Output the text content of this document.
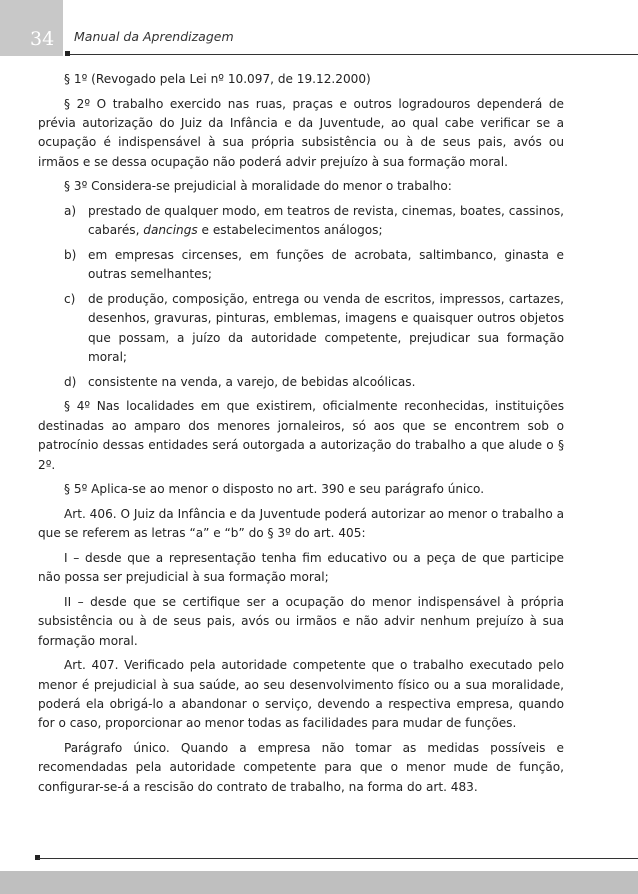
34	Manual da Aprendizagem

§ 1º (Revogado pela Lei nº 10.097, de 19.12.2000)

§ 2º O trabalho exercido nas ruas, praças e outros logradouros dependerá de prévia autorização do Juiz da Infância e da Juventude, ao qual cabe verificar se a ocupação é indispensável à sua própria subsistência ou à de seus pais, avós ou irmãos e se dessa ocupação não poderá advir prejuízo à sua formação moral.

§ 3º Considera-se prejudicial à moralidade do menor o trabalho:

a) prestado de qualquer modo, em teatros de revista, cinemas, boates, cassinos, cabarés, dancings e estabelecimentos análogos;
b) em empresas circenses, em funções de acrobata, saltimbanco, ginasta e outras semelhantes;
c) de produção, composição, entrega ou venda de escritos, impressos, cartazes, desenhos, gravuras, pinturas, emblemas, imagens e quaisquer outros objetos que possam, a juízo da autoridade competente, prejudicar sua formação moral;
d) consistente na venda, a varejo, de bebidas alcoólicas.

§ 4º Nas localidades em que existirem, oficialmente reconhecidas, instituições destinadas ao amparo dos menores jornaleiros, só aos que se encontrem sob o patrocínio dessas entidades será outorgada a autorização do trabalho a que alude o § 2º.

§ 5º Aplica-se ao menor o disposto no art. 390 e seu parágrafo único.

Art. 406. O Juiz da Infância e da Juventude poderá autorizar ao menor o trabalho a que se referem as letras “a” e “b” do § 3º do art. 405:

I – desde que a representação tenha fim educativo ou a peça de que participe não possa ser prejudicial à sua formação moral;

II – desde que se certifique ser a ocupação do menor indispensável à própria subsistência ou à de seus pais, avós ou irmãos e não advir nenhum prejuízo à sua formação moral.

Art. 407. Verificado pela autoridade competente que o trabalho executado pelo menor é prejudicial à sua saúde, ao seu desenvolvimento físico ou a sua moralidade, poderá ela obrigá-lo a abandonar o serviço, devendo a respectiva empresa, quando for o caso, proporcionar ao menor todas as facilidades para mudar de funções.

Parágrafo único. Quando a empresa não tomar as medidas possíveis e recomendadas pela autoridade competente para que o menor mude de função, configurar-se-á a rescisão do contrato de trabalho, na forma do art. 483.
